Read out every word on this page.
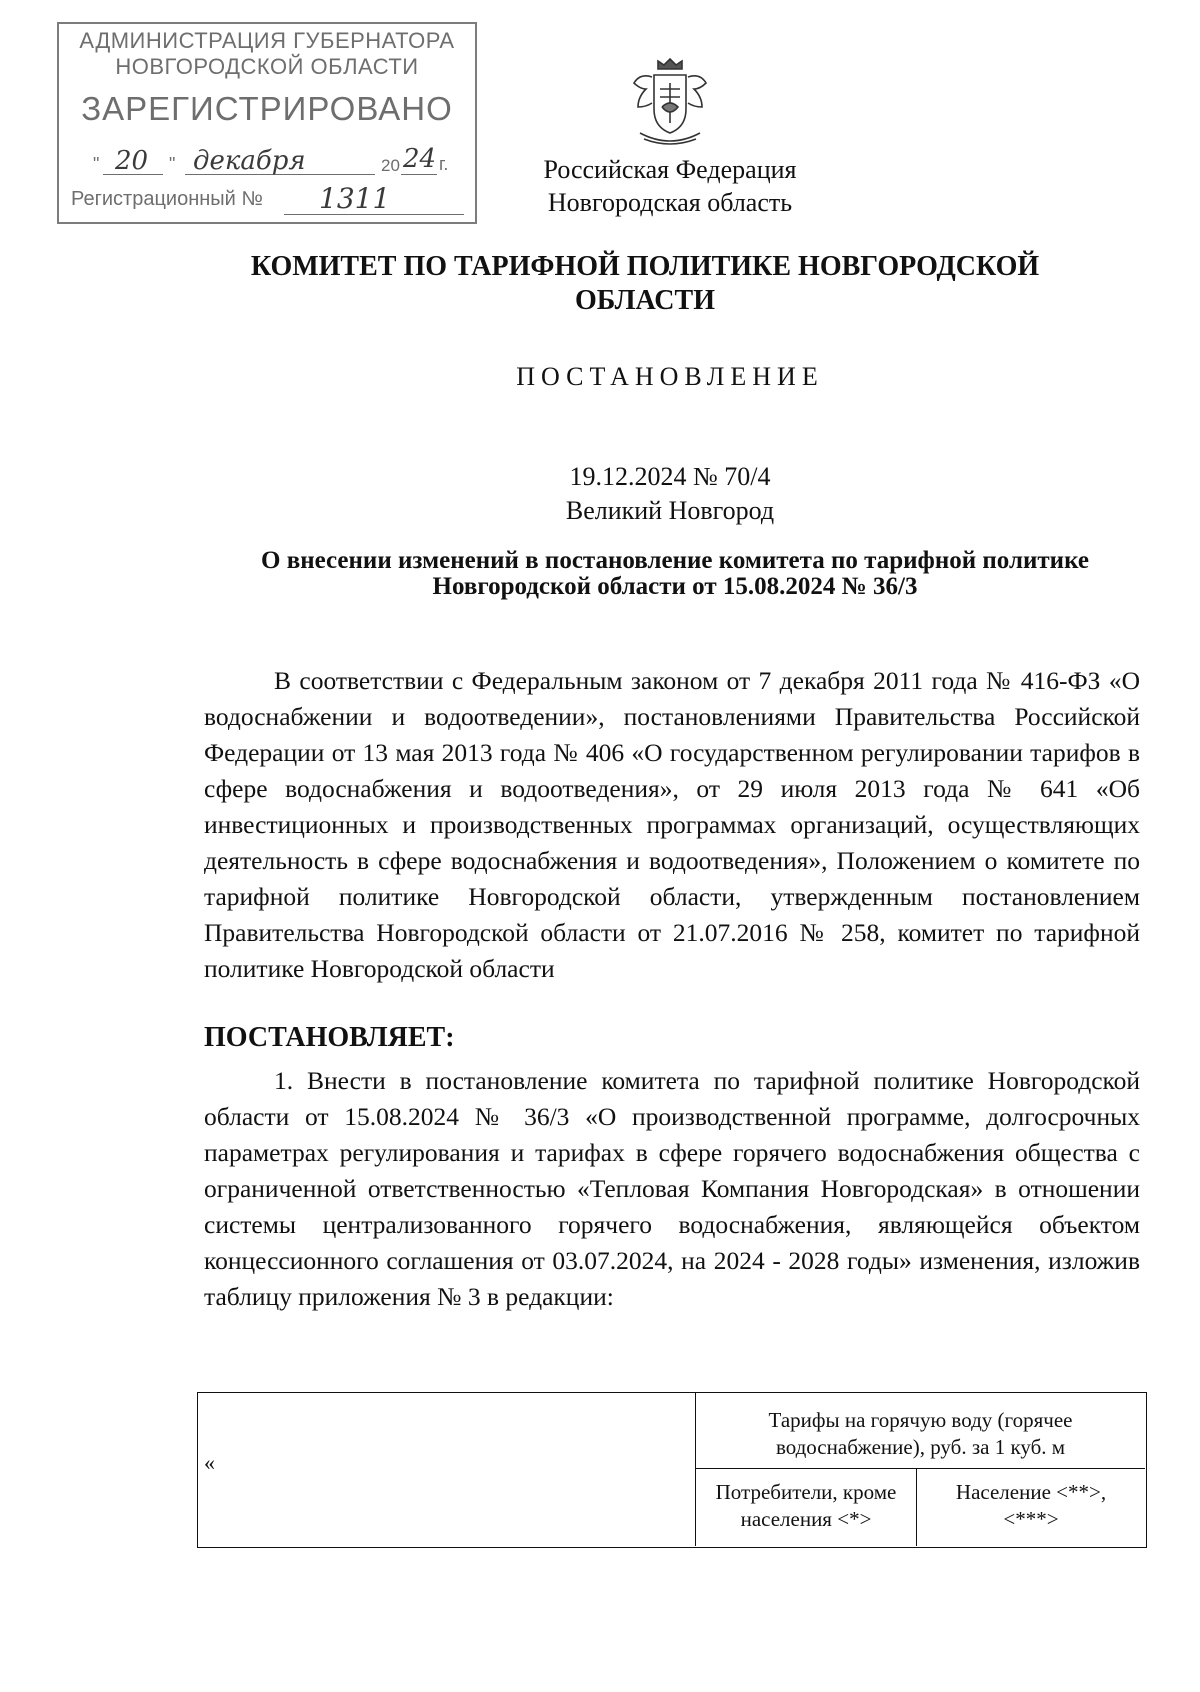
АДМИНИСТРАЦИЯ ГУБЕРНАТОРА
НОВГОРОДСКОЙ ОБЛАСТИ
ЗАРЕГИСТРИРОВАНО
" 20 " декабря	20 24 г.
Регистрационный № 1311
Российская Федерация
Новгородская область
КОМИТЕТ ПО ТАРИФНОЙ ПОЛИТИКЕ НОВГОРОДСКОЙ ОБЛАСТИ
ПОСТАНОВЛЕНИЕ
19.12.2024 № 70/4
Великий Новгород
О внесении изменений в постановление комитета по тарифной политике Новгородской области от 15.08.2024 № 36/3
В соответствии с Федеральным законом от 7 декабря 2011 года № 416-ФЗ «О водоснабжении и водоотведении», постановлениями Правительства Российской Федерации от 13 мая 2013 года № 406 «О государственном регулировании тарифов в сфере водоснабжения и водоотведения», от 29 июля 2013 года № 641 «Об инвестиционных и производственных программах организаций, осуществляющих деятельность в сфере водоснабжения и водоотведения», Положением о комитете по тарифной политике Новгородской области, утвержденным постановлением Правительства Новгородской области от 21.07.2016 № 258, комитет по тарифной политике Новгородской области
ПОСТАНОВЛЯЕТ:
1. Внести в постановление комитета по тарифной политике Новгородской области от 15.08.2024 № 36/3 «О производственной программе, долгосрочных параметрах регулирования и тарифах в сфере горячего водоснабжения общества с ограниченной ответственностью «Тепловая Компания Новгородская» в отношении системы централизованного горячего водоснабжения, являющейся объектом концессионного соглашения от 03.07.2024, на 2024 - 2028 годы» изменения, изложив таблицу приложения № 3 в редакции:
«
Тарифы на горячую воду (горячее водоснабжение), руб. за 1 куб. м
Потребители, кроме населения <*>
Население <**>, <***>
